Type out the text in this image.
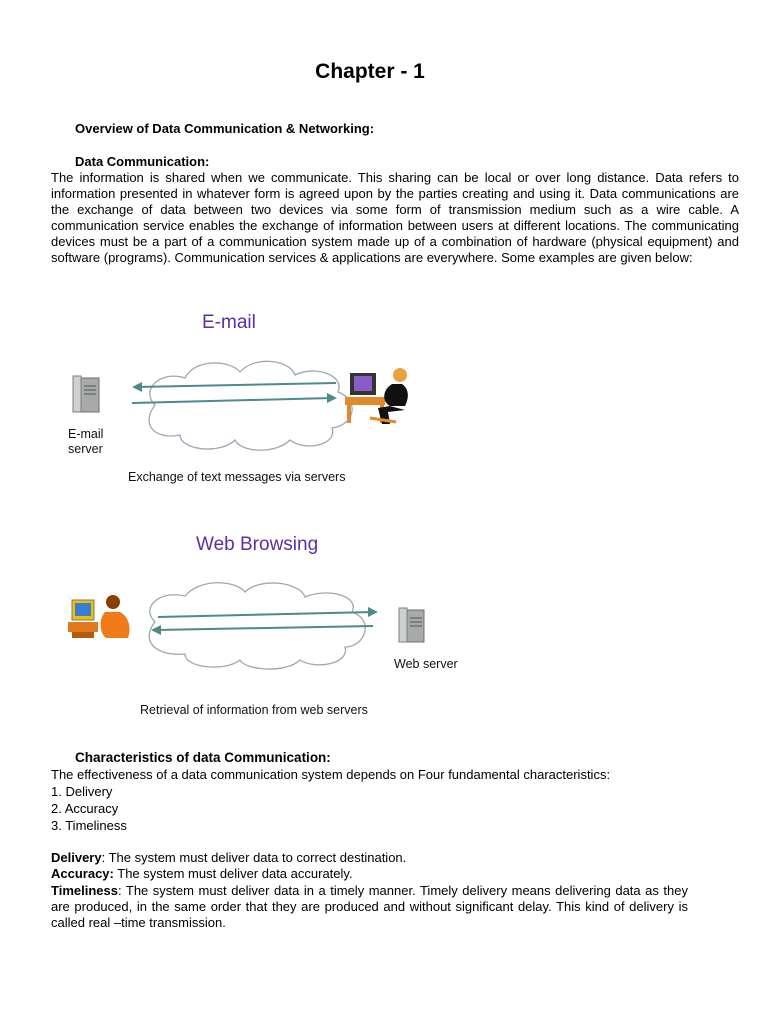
Chapter - 1
Overview of Data Communication & Networking:
Data Communication:
The information is shared when we communicate. This sharing can be local or over long distance. Data refers to information presented in whatever form is agreed upon by the parties creating and using it. Data communications are the exchange of data between two devices via some form of transmission medium such as a wire cable. A communication service enables the exchange of information between users at different locations. The communicating devices must be a part of a communication system made up of a combination of hardware (physical equipment) and software (programs). Communication services & applications are everywhere. Some examples are given below:
E-mail
E-mail
server
Exchange of text messages via servers
Web Browsing
Web server
Retrieval of information from web servers
Characteristics of data Communication:
The effectiveness of a data communication system depends on Four fundamental characteristics:
1. Delivery
2. Accuracy
3. Timeliness
Delivery: The system must deliver data to correct destination.
Accuracy: The system must deliver data accurately.
Timeliness: The system must deliver data in a timely manner. Timely delivery means delivering data as they are produced, in the same order that they are produced and without significant delay. This kind of delivery is called real –time transmission.
